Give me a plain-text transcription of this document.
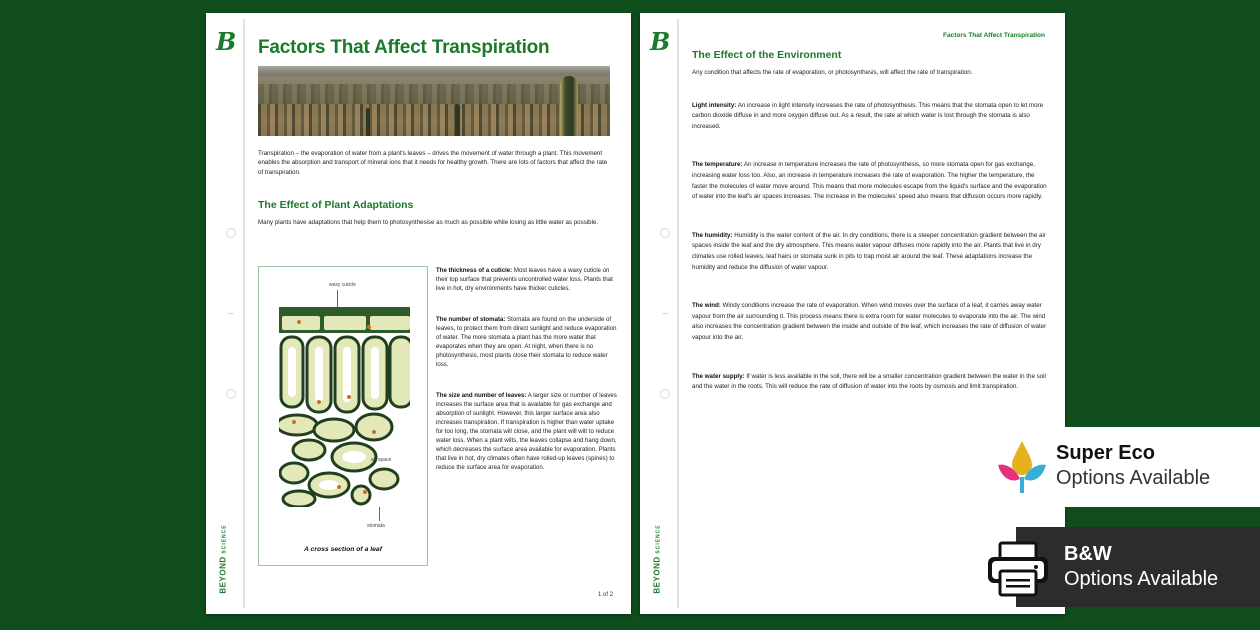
B
BEYOND SCIENCE
Factors That Affect Transpiration

Transpiration – the evaporation of water from a plant's leaves – drives the movement of water through a plant. This movement enables the absorption and transport of mineral ions that it needs for healthy growth. There are lots of factors that affect the rate of transpiration.

The Effect of Plant Adaptations

Many plants have adaptations that help them to photosynthesise as much as possible while losing as little water as possible.

waxy cuticle
air space
stomata
A cross section of a leaf

The thickness of a cuticle: Most leaves have a waxy cuticle on their top surface that prevents uncontrolled water loss. Plants that live in hot, dry environments have thicker cuticles.

The number of stomata: Stomata are found on the underside of leaves, to protect them from direct sunlight and reduce evaporation of water. The more stomata a plant has the more water that evaporates when they are open. At night, when there is no photosynthesis, most plants close their stomata to reduce water loss.

The size and number of leaves: A larger size or number of leaves increases the surface area that is available for gas exchange and absorption of sunlight. However, this larger surface area also increases transpiration. If transpiration is higher than water uptake for too long, the stomata will close, and the plant will wilt to reduce water loss. When a plant wilts, the leaves collapse and hang down, which decreases the surface area available for evaporation. Plants that live in hot, dry climates often have rolled-up leaves (spines) to reduce the surface area for evaporation.

1 of 2
B
BEYOND SCIENCE
Factors That Affect Transpiration
The Effect of the Environment

Any condition that affects the rate of evaporation, or photosynthesis, will affect the rate of transpiration.

Light intensity: An increase in light intensity increases the rate of photosynthesis. This means that the stomata open to let more carbon dioxide diffuse in and more oxygen diffuse out. As a result, the rate at which water is lost through the stomata is also increased.

The temperature: An increase in temperature increases the rate of photosynthesis, so more stomata open for gas exchange, increasing water loss too. Also, an increase in temperature increases the rate of evaporation. The higher the temperature, the faster the molecules of water move around. This means that more molecules escape from the liquid's surface and the evaporation of water into the leaf's air spaces increases. The increase in the molecules' speed also means that diffusion occurs more rapidly.

The humidity: Humidity is the water content of the air. In dry conditions, there is a steeper concentration gradient between the air spaces inside the leaf and the dry atmosphere. This means water vapour diffuses more rapidly into the air. Plants that live in dry climates use rolled leaves, leaf hairs or stomata sunk in pits to trap moist air around the leaf. These adaptations increase the humidity and reduce the diffusion of water vapour.

The wind: Windy conditions increase the rate of evaporation. When wind moves over the surface of a leaf, it carries away water vapour from the air surrounding it. This process means there is extra room for water molecules to evaporate into the air. The wind also increases the concentration gradient between the inside and outside of the leaf, which increases the rate of diffusion of water vapour into the air.

The water supply: If water is less available in the soil, there will be a smaller concentration gradient between the water in the soil and the water in the roots. This will reduce the rate of diffusion of water into the roots by osmosis and limit transpiration.

Super Eco
Options Available
B&W
Options Available
